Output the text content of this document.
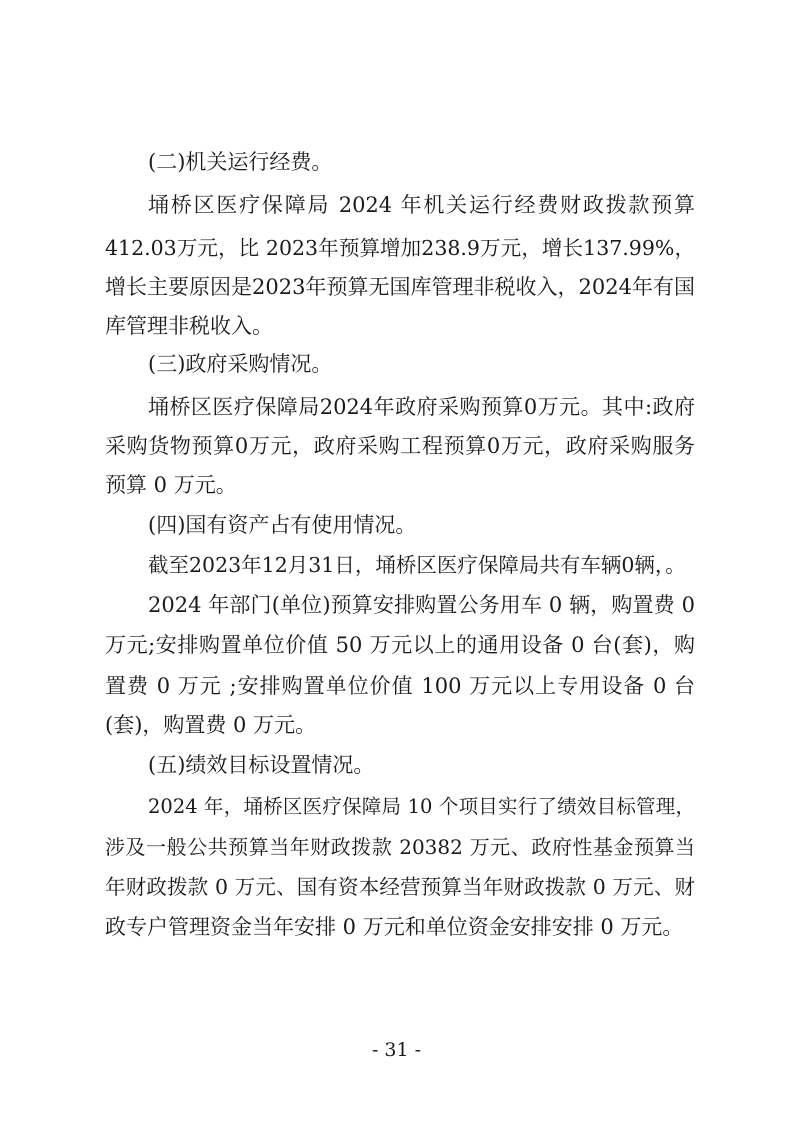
(二)机关运行经费。
埇桥区医疗保障局 2024 年机关运行经费财政拨款预算
412.03万元，比 2023年预算增加238.9万元，增长137.99%，
增长主要原因是2023年预算无国库管理非税收入，2024年有国
库管理非税收入。
(三)政府采购情况。
埇桥区医疗保障局2024年政府采购预算0万元。其中:政府
采购货物预算0万元，政府采购工程预算0万元，政府采购服务
预算 0 万元。
(四)国有资产占有使用情况。
截至2023年12月31日，埇桥区医疗保障局共有车辆0辆，。
2024 年部门(单位)预算安排购置公务用车 0 辆，购置费 0
万元;安排购置单位价值 50 万元以上的通用设备 0 台(套)，购
置费 0 万元 ;安排购置单位价值 100 万元以上专用设备 0 台
(套)，购置费 0 万元。
(五)绩效目标设置情况。
2024 年，埇桥区医疗保障局 10 个项目实行了绩效目标管理，
涉及一般公共预算当年财政拨款 20382 万元、政府性基金预算当
年财政拨款 0 万元、国有资本经营预算当年财政拨款 0 万元、财
政专户管理资金当年安排 0 万元和单位资金安排安排 0 万元。
- 31 -
